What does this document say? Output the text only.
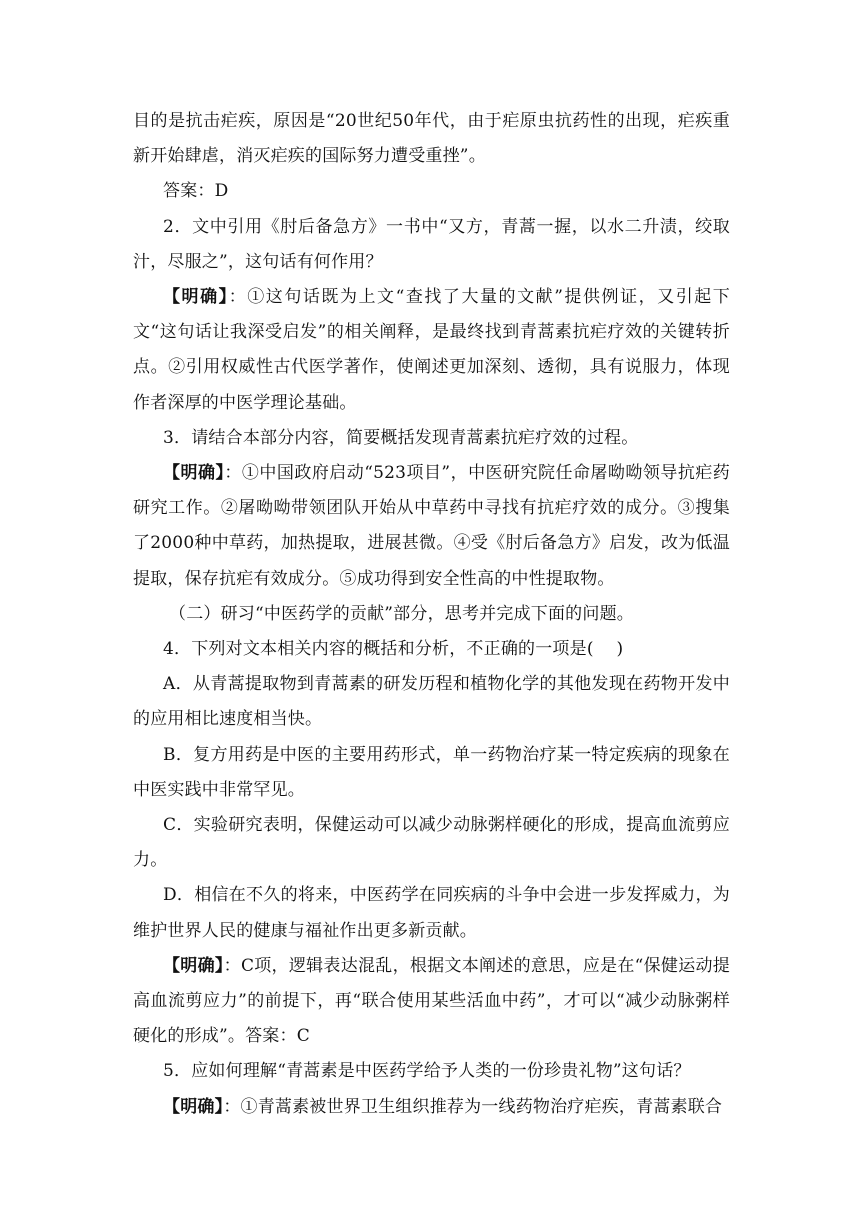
目的是抗击疟疾，原因是“20世纪50年代，由于疟原虫抗药性的出现，疟疾重新开始肆虐，消灭疟疾的国际努力遭受重挫”。

答案：D

2．文中引用《肘后备急方》一书中“又方，青蒿一握，以水二升渍，绞取汁，尽服之”，这句话有何作用？

【明确】：①这句话既为上文“查找了大量的文献”提供例证，又引起下文“这句话让我深受启发”的相关阐释，是最终找到青蒿素抗疟疗效的关键转折点。②引用权威性古代医学著作，使阐述更加深刻、透彻，具有说服力，体现作者深厚的中医学理论基础。

3．请结合本部分内容，简要概括发现青蒿素抗疟疗效的过程。

【明确】：①中国政府启动“523项目”，中医研究院任命屠呦呦领导抗疟药研究工作。②屠呦呦带领团队开始从中草药中寻找有抗疟疗效的成分。③搜集了2000种中草药，加热提取，进展甚微。④受《肘后备急方》启发，改为低温提取，保存抗疟有效成分。⑤成功得到安全性高的中性提取物。

（二）研习“中医药学的贡献”部分，思考并完成下面的问题。

4．下列对文本相关内容的概括和分析，不正确的一项是(　 )

A．从青蒿提取物到青蒿素的研发历程和植物化学的其他发现在药物开发中的应用相比速度相当快。

B．复方用药是中医的主要用药形式，单一药物治疗某一特定疾病的现象在中医实践中非常罕见。

C．实验研究表明，保健运动可以减少动脉粥样硬化的形成，提高血流剪应力。

D．相信在不久的将来，中医药学在同疾病的斗争中会进一步发挥威力，为维护世界人民的健康与福祉作出更多新贡献。

【明确】：C项，逻辑表达混乱，根据文本阐述的意思，应是在“保健运动提高血流剪应力”的前提下，再“联合使用某些活血中药”，才可以“减少动脉粥样硬化的形成”。答案：C

5．应如何理解“青蒿素是中医药学给予人类的一份珍贵礼物”这句话？

【明确】：①青蒿素被世界卫生组织推荐为一线药物治疗疟疾，青蒿素联合
